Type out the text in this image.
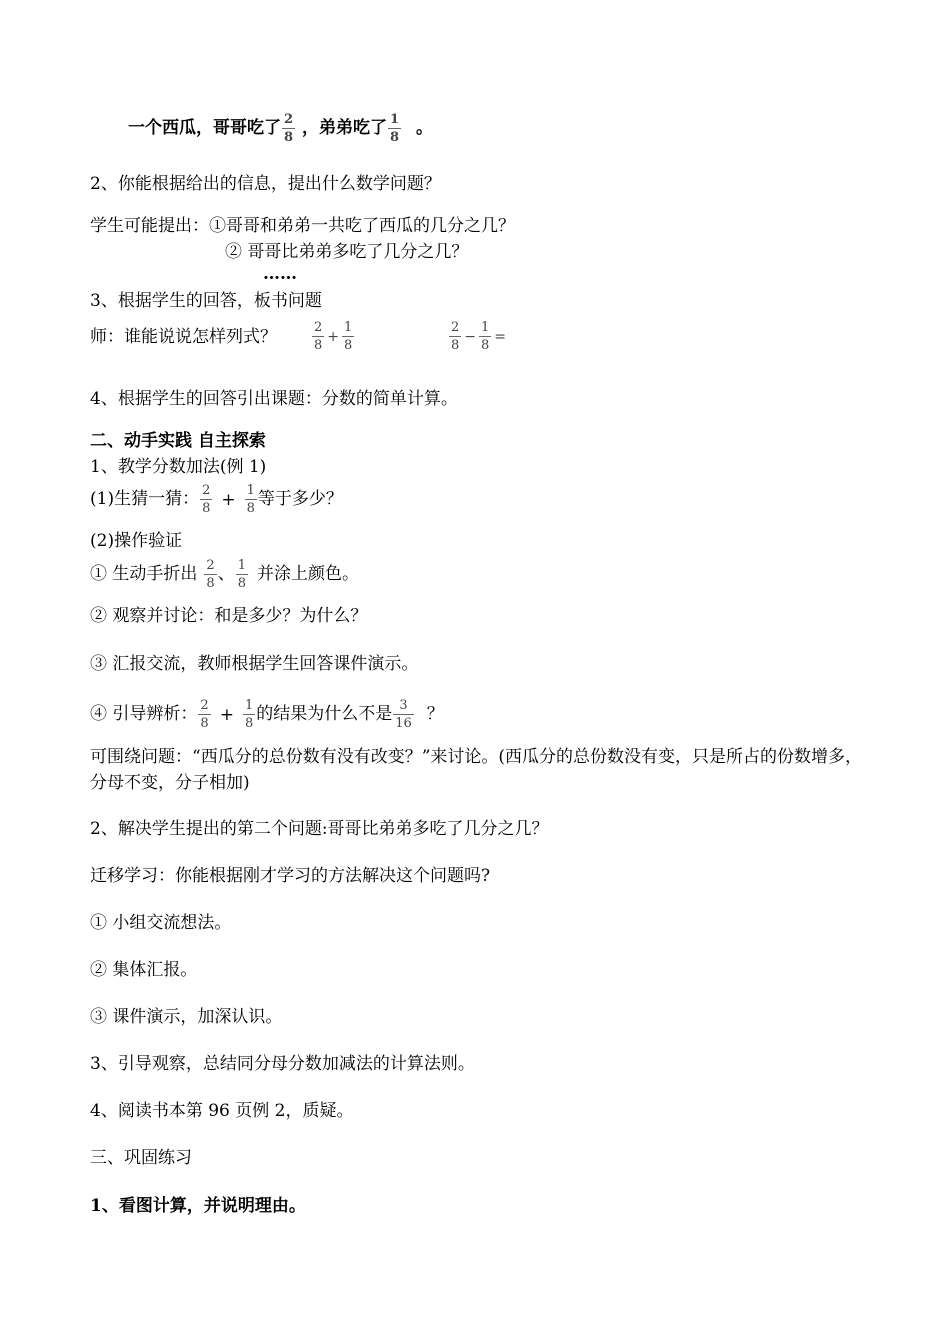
一个西瓜，哥哥吃了 $\frac{2}{8}$ ，弟弟吃了 $\frac{1}{8}$ 。
2、你能根据给出的信息，提出什么数学问题？
学生可能提出：①哥哥和弟弟一共吃了西瓜的几分之几？
② 哥哥比弟弟多吃了几分之几？
……
3、根据学生的回答，板书问题
师：谁能说说怎样列式？	$\frac{2}{8} + \frac{1}{8}$	$\frac{2}{8} - \frac{1}{8}$ =
4、根据学生的回答引出课题：分数的简单计算。
二、动手实践 自主探索
1、教学分数加法(例 1)
(1)生猜一猜： $\frac{2}{8} + \frac{1}{8}$ 等于多少？
(2)操作验证
① 生动手折出 $\frac{2}{8}$ 、 $\frac{1}{8}$ 并涂上颜色。
② 观察并讨论：和是多少？为什么？
③ 汇报交流，教师根据学生回答课件演示。
④ 引导辨析： $\frac{2}{8} + \frac{1}{8}$ 的结果为什么不是 $\frac{3}{16}$ ？
可围绕问题：“西瓜分的总份数有没有改变？”来讨论。(西瓜分的总份数没有变，只是所占的份数增多，分母不变，分子相加)
2、解决学生提出的第二个问题:哥哥比弟弟多吃了几分之几？
迁移学习：你能根据刚才学习的方法解决这个问题吗?
① 小组交流想法。
② 集体汇报。
③ 课件演示，加深认识。
3、引导观察，总结同分母分数加减法的计算法则。
4、阅读书本第 96 页例 2，质疑。
三、巩固练习
1、看图计算，并说明理由。
